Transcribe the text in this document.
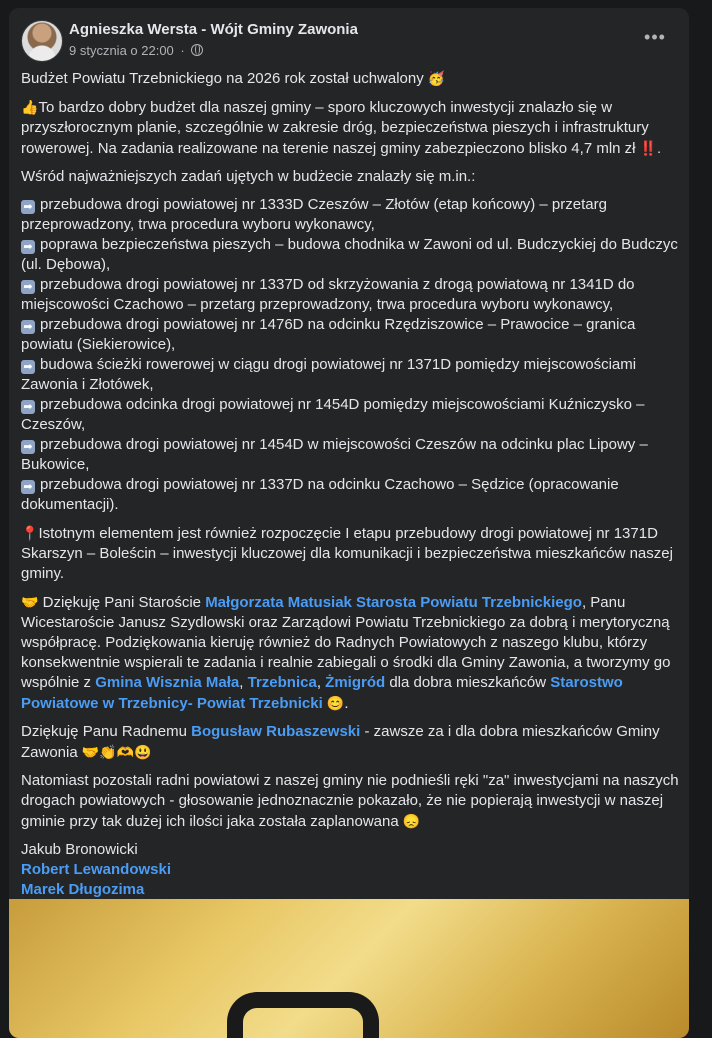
Agnieszka Wersta - Wójt Gminy Zawonia
9 stycznia o 22:00 ·
•••

Budżet Powiatu Trzebnickiego na 2026 rok został uchwalony 🥳

👍To bardzo dobry budżet dla naszej gminy – sporo kluczowych inwestycji znalazło się w przyszłorocznym planie, szczególnie w zakresie dróg, bezpieczeństwa pieszych i infrastruktury rowerowej. Na zadania realizowane na terenie naszej gminy zabezpieczono blisko 4,7 mln zł ‼️.

Wśród najważniejszych zadań ujętych w budżecie znalazły się m.in.:

➡ przebudowa drogi powiatowej nr 1333D Czeszów – Złotów (etap końcowy) – przetarg przeprowadzony, trwa procedura wyboru wykonawcy,
➡ poprawa bezpieczeństwa pieszych – budowa chodnika w Zawoni od ul. Budczyckiej do Budczyc (ul. Dębowa),
➡ przebudowa drogi powiatowej nr 1337D od skrzyżowania z drogą powiatową nr 1341D do miejscowości Czachowo – przetarg przeprowadzony, trwa procedura wyboru wykonawcy,
➡ przebudowa drogi powiatowej nr 1476D na odcinku Rzędziszowice – Prawocice – granica powiatu (Siekierowice),
➡ budowa ścieżki rowerowej w ciągu drogi powiatowej nr 1371D pomiędzy miejscowościami Zawonia i Złotówek,
➡ przebudowa odcinka drogi powiatowej nr 1454D pomiędzy miejscowościami Kuźniczysko – Czeszów,
➡ przebudowa drogi powiatowej nr 1454D w miejscowości Czeszów na odcinku plac Lipowy – Bukowice,
➡ przebudowa drogi powiatowej nr 1337D na odcinku Czachowo – Sędzice (opracowanie dokumentacji).

📍Istotnym elementem jest również rozpoczęcie I etapu przebudowy drogi powiatowej nr 1371D Skarszyn – Boleścin – inwestycji kluczowej dla komunikacji i bezpieczeństwa mieszkańców naszej gminy.

🤝 Dziękuję Pani Staroście Małgorzata Matusiak Starosta Powiatu Trzebnickiego, Panu Wicestaroście Janusz Szydlowski oraz Zarządowi Powiatu Trzebnickiego za dobrą i merytoryczną współpracę. Podziękowania kieruję również do Radnych Powiatowych z naszego klubu, którzy konsekwentnie wspierali te zadania i realnie zabiegali o środki dla Gminy Zawonia, a tworzymy go wspólnie z Gmina Wisznia Mała, Trzebnica, Żmigród dla dobra mieszkańców Starostwo Powiatowe w Trzebnicy- Powiat Trzebnicki 😊.

Dziękuję Panu Radnemu Bogusław Rubaszewski - zawsze za i dla dobra mieszkańców Gminy Zawonia 🤝👏🫶😃

Natomiast pozostali radni powiatowi z naszej gminy nie podnieśli ręki "za" inwestycjami na naszych drogach powiatowych - głosowanie jednoznacznie pokazało, że nie popierają inwestycji w naszej gminie przy tak dużej ich ilości jaka została zaplanowana 😞

Jakub Bronowicki
Robert Lewandowski
Marek Długozima
